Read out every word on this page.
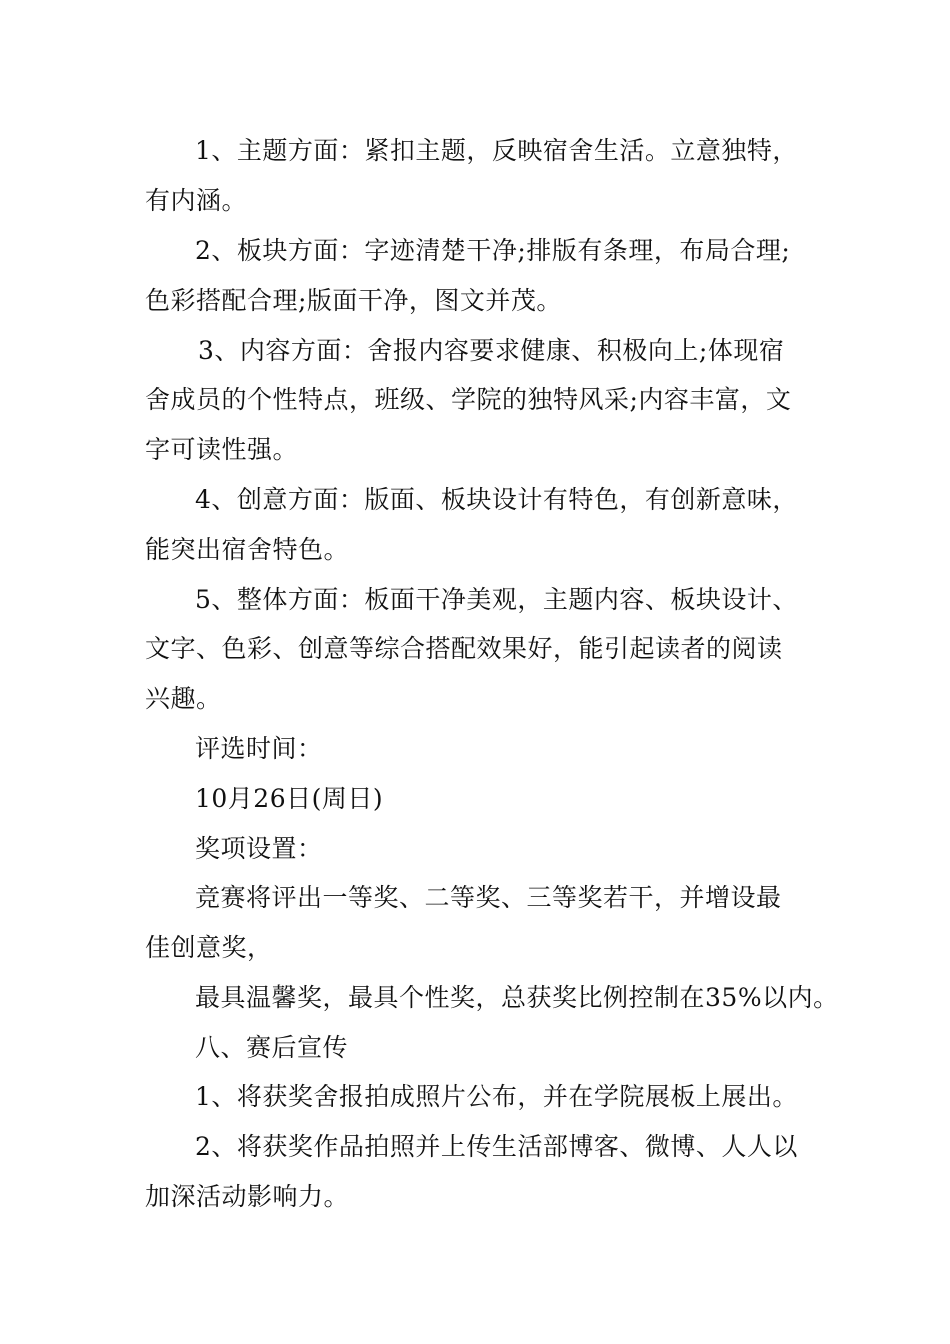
1、主题方面：紧扣主题，反映宿舍生活。立意独特，
有内涵。
2、板块方面：字迹清楚干净;排版有条理，布局合理;
色彩搭配合理;版面干净，图文并茂。
3、内容方面：舍报内容要求健康、积极向上;体现宿
舍成员的个性特点，班级、学院的独特风采;内容丰富，文
字可读性强。
4、创意方面：版面、板块设计有特色，有创新意味，
能突出宿舍特色。
5、整体方面：板面干净美观，主题内容、板块设计、
文字、色彩、创意等综合搭配效果好，能引起读者的阅读
兴趣。
评选时间：
10月26日(周日)
奖项设置：
竞赛将评出一等奖、二等奖、三等奖若干，并增设最
佳创意奖，
最具温馨奖，最具个性奖，总获奖比例控制在35%以内。
八、赛后宣传
1、将获奖舍报拍成照片公布，并在学院展板上展出。
2、将获奖作品拍照并上传生活部博客、微博、人人以
加深活动影响力。
